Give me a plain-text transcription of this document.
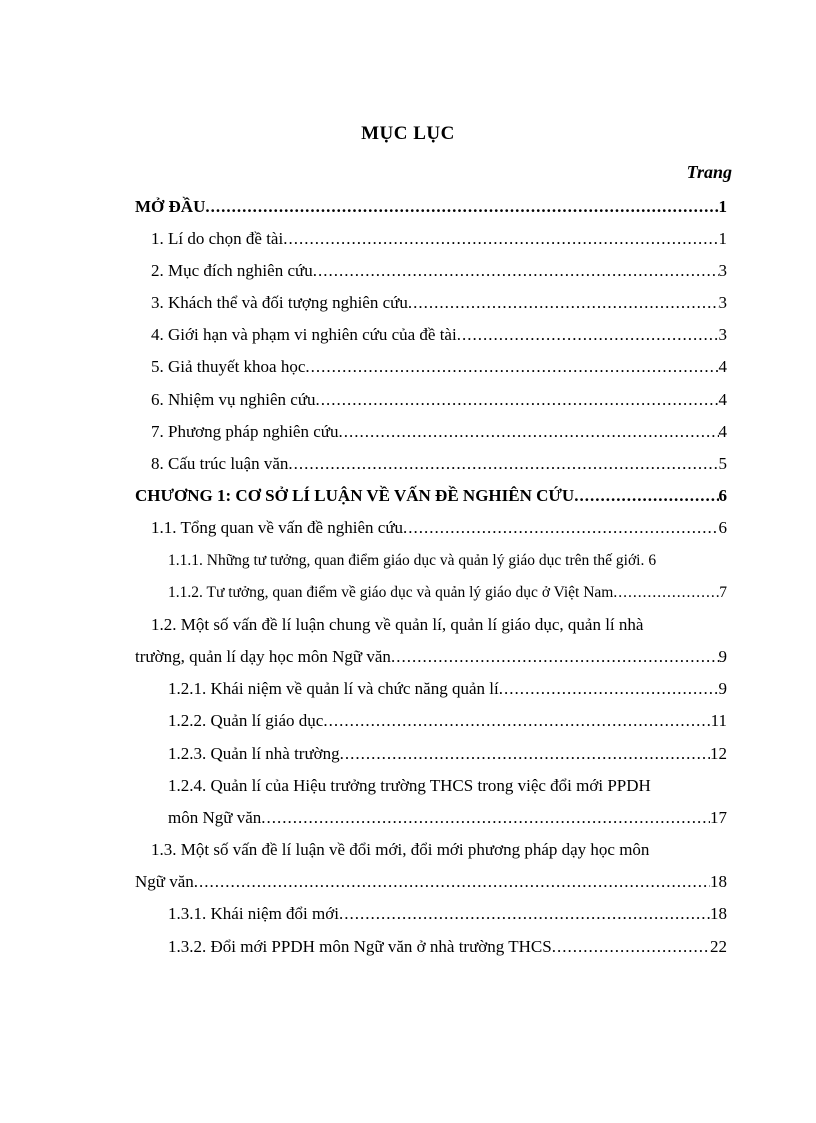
MỤC LỤC
Trang
MỞ ĐẦU .....	1
1. Lí do chọn đề tài .....	1
2. Mục đích nghiên cứu .....	3
3. Khách thể và đối tượng nghiên cứu .....	3
4. Giới hạn và phạm vi nghiên cứu của đề tài .....	3
5. Giả thuyết khoa học .....	4
6. Nhiệm vụ nghiên cứu .....	4
7. Phương pháp nghiên cứu .....	4
8. Cấu trúc luận văn .....	5
CHƯƠNG 1: CƠ SỞ LÍ LUẬN VỀ VẤN ĐỀ NGHIÊN CỨU .....	6
1.1. Tổng quan về vấn đề nghiên cứu .....	6
1.1.1. Những tư tưởng, quan điểm giáo dục và quản lý giáo dục trên thế giới. 6
1.1.2. Tư tưởng, quan điểm về giáo dục và quản lý giáo dục ở Việt Nam .....	7
1.2. Một số vấn đề lí luận chung về quản lí, quản lí giáo dục, quản lí nhà
trường, quản lí dạy học môn Ngữ văn .....	9
1.2.1. Khái niệm về quản lí và chức năng quản lí .....	9
1.2.2. Quản lí giáo dục .....	11
1.2.3. Quản lí nhà trường .....	12
1.2.4. Quản lí của Hiệu trưởng trường THCS trong việc đổi mới PPDH
môn Ngữ văn .....	17
1.3. Một số vấn đề lí luận về đổi mới, đổi mới phương pháp dạy học môn
Ngữ văn .....	18
1.3.1. Khái niệm đổi mới .....	18
1.3.2. Đổi mới PPDH môn Ngữ văn ở nhà trường THCS .....	22
